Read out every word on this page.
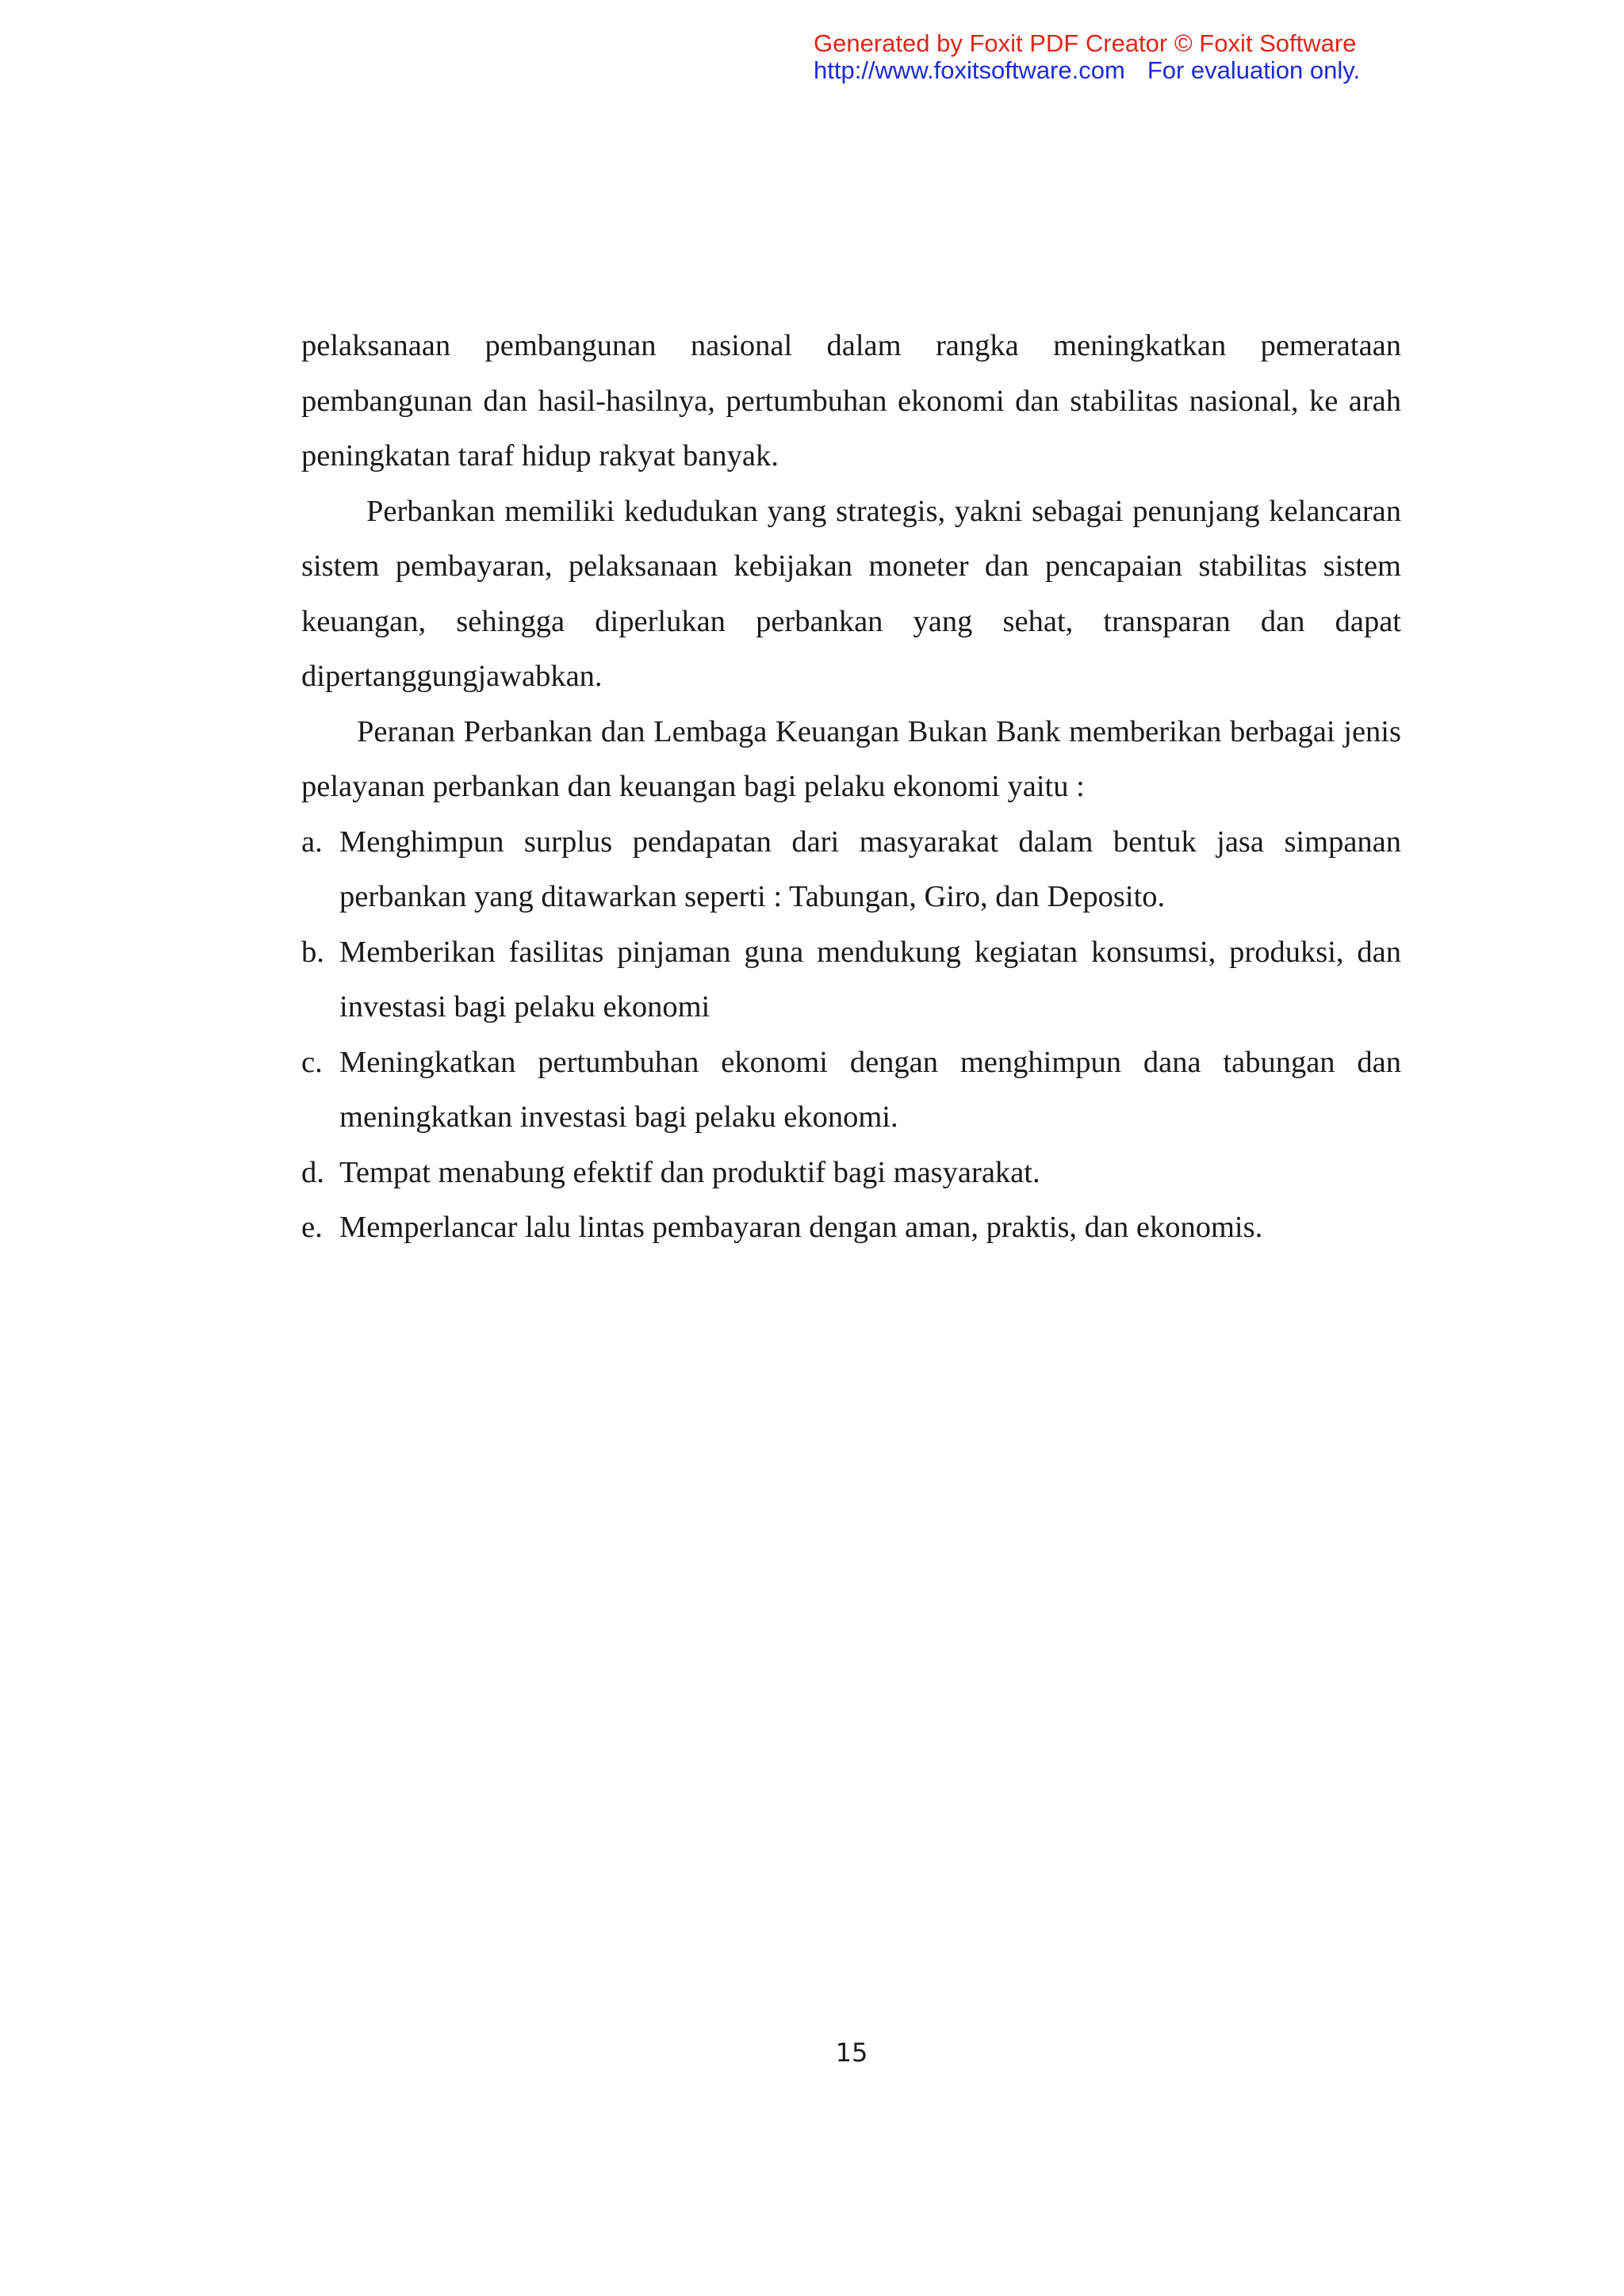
Generated by Foxit PDF Creator © Foxit Software
http://www.foxitsoftware.com For evaluation only.

pelaksanaan pembangunan nasional dalam rangka meningkatkan pemerataan pembangunan dan hasil-hasilnya, pertumbuhan ekonomi dan stabilitas nasional, ke arah peningkatan taraf hidup rakyat banyak.

Perbankan memiliki kedudukan yang strategis, yakni sebagai penunjang kelancaran sistem pembayaran, pelaksanaan kebijakan moneter dan pencapaian stabilitas sistem keuangan, sehingga diperlukan perbankan yang sehat, transparan dan dapat dipertanggungjawabkan.

Peranan Perbankan dan Lembaga Keuangan Bukan Bank memberikan berbagai jenis pelayanan perbankan dan keuangan bagi pelaku ekonomi yaitu :

a. Menghimpun surplus pendapatan dari masyarakat dalam bentuk jasa simpanan perbankan yang ditawarkan seperti : Tabungan, Giro, dan Deposito.
b. Memberikan fasilitas pinjaman guna mendukung kegiatan konsumsi, produksi, dan investasi bagi pelaku ekonomi
c. Meningkatkan pertumbuhan ekonomi dengan menghimpun dana tabungan dan meningkatkan investasi bagi pelaku ekonomi.
d. Tempat menabung efektif dan produktif bagi masyarakat.
e. Memperlancar lalu lintas pembayaran dengan aman, praktis, dan ekonomis.
15
